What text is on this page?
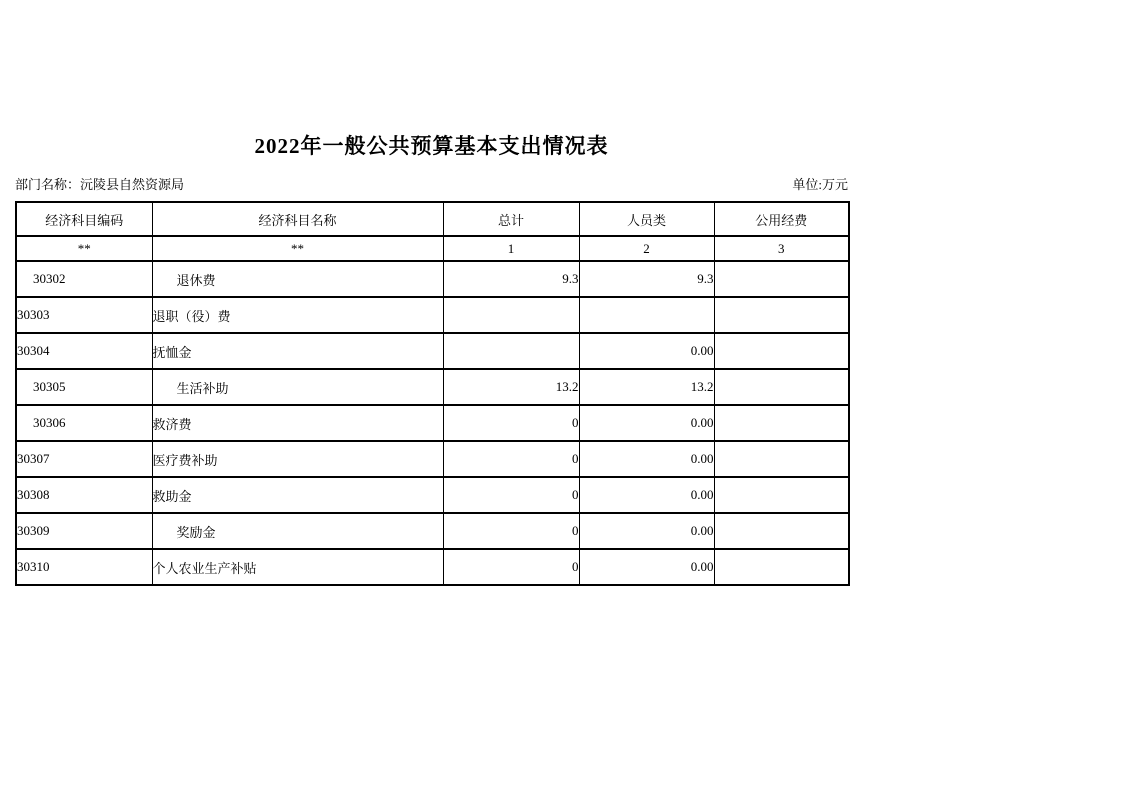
2022年一般公共预算基本支出情况表
部门名称：沅陵县自然资源局	单位:万元
经济科目编码	经济科目名称	总计	人员类	公用经费
**	**	1	2	3
30302	退休费	9.3	9.3	
30303	退职（役）费			
30304	抚恤金		0.00	
30305	生活补助	13.2	13.2	
30306	救济费	0	0.00	
30307	医疗费补助	0	0.00	
30308	救助金	0	0.00	
30309	奖励金	0	0.00	
30310	个人农业生产补贴	0	0.00	
